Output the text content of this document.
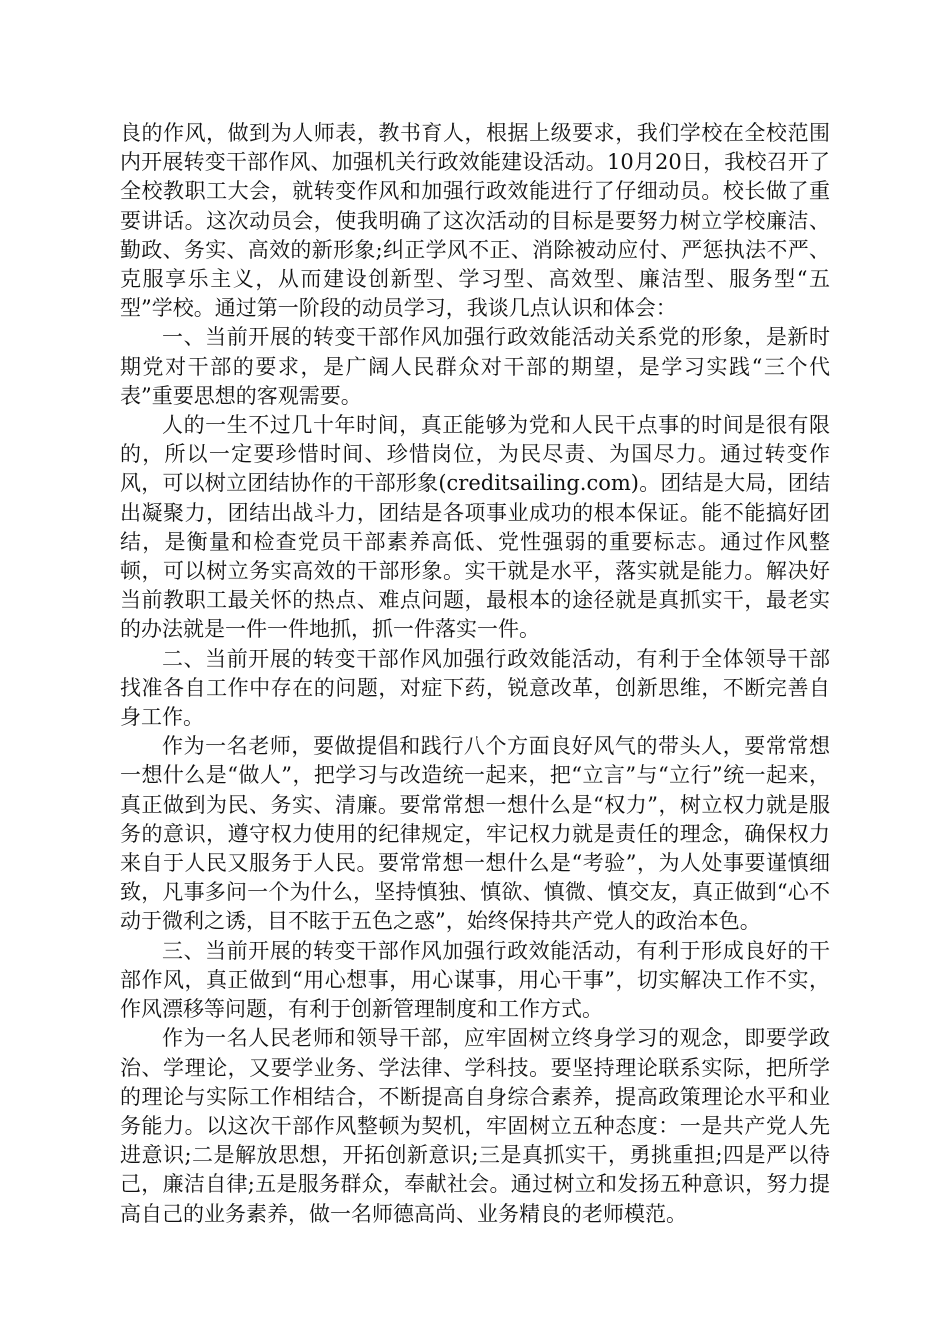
良的作风，做到为人师表，教书育人，根据上级要求，我们学校在全校范围内开展转变干部作风、加强机关行政效能建设活动。10月20日，我校召开了全校教职工大会，就转变作风和加强行政效能进行了仔细动员。校长做了重要讲话。这次动员会，使我明确了这次活动的目标是要努力树立学校廉洁、勤政、务实、高效的新形象;纠正学风不正、消除被动应付、严惩执法不严、克服享乐主义，从而建设创新型、学习型、高效型、廉洁型、服务型“五型”学校。通过第一阶段的动员学习，我谈几点认识和体会：

一、当前开展的转变干部作风加强行政效能活动关系党的形象，是新时期党对干部的要求，是广阔人民群众对干部的期望，是学习实践“三个代表”重要思想的客观需要。

人的一生不过几十年时间，真正能够为党和人民干点事的时间是很有限的，所以一定要珍惜时间、珍惜岗位，为民尽责、为国尽力。通过转变作风，可以树立团结协作的干部形象(creditsailing.com)。团结是大局，团结出凝聚力，团结出战斗力，团结是各项事业成功的根本保证。能不能搞好团结，是衡量和检查党员干部素养高低、党性强弱的重要标志。通过作风整顿，可以树立务实高效的干部形象。实干就是水平，落实就是能力。解决好当前教职工最关怀的热点、难点问题，最根本的途径就是真抓实干，最老实的办法就是一件一件地抓，抓一件落实一件。

二、当前开展的转变干部作风加强行政效能活动，有利于全体领导干部找准各自工作中存在的问题，对症下药，锐意改革，创新思维，不断完善自身工作。

作为一名老师，要做提倡和践行八个方面良好风气的带头人，要常常想一想什么是“做人”，把学习与改造统一起来，把“立言”与“立行”统一起来，真正做到为民、务实、清廉。要常常想一想什么是“权力”，树立权力就是服务的意识，遵守权力使用的纪律规定，牢记权力就是责任的理念，确保权力来自于人民又服务于人民。要常常想一想什么是“考验”，为人处事要谨慎细致，凡事多问一个为什么，坚持慎独、慎欲、慎微、慎交友，真正做到“心不动于微利之诱，目不眩于五色之惑”，始终保持共产党人的政治本色。

三、当前开展的转变干部作风加强行政效能活动，有利于形成良好的干部作风，真正做到“用心想事，用心谋事，用心干事”，切实解决工作不实，作风漂移等问题，有利于创新管理制度和工作方式。

作为一名人民老师和领导干部，应牢固树立终身学习的观念，即要学政治、学理论，又要学业务、学法律、学科技。要坚持理论联系实际，把所学的理论与实际工作相结合，不断提高自身综合素养，提高政策理论水平和业务能力。以这次干部作风整顿为契机，牢固树立五种态度：一是共产党人先进意识;二是解放思想，开拓创新意识;三是真抓实干，勇挑重担;四是严以待己，廉洁自律;五是服务群众，奉献社会。通过树立和发扬五种意识，努力提高自己的业务素养，做一名师德高尚、业务精良的老师模范。
